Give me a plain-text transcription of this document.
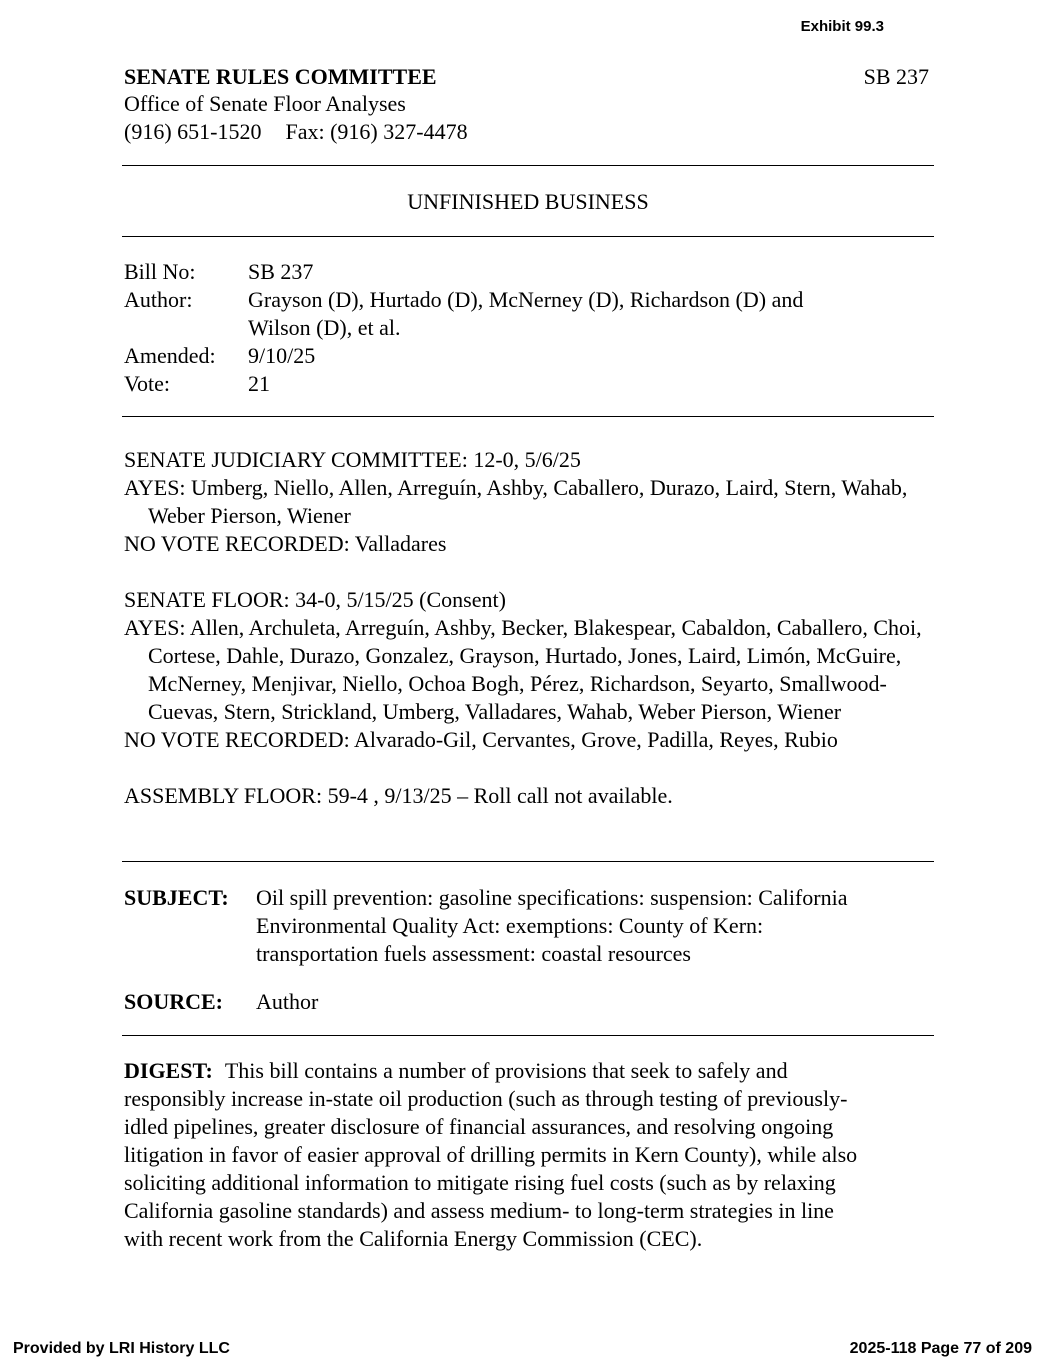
Exhibit 99.3
SENATE RULES COMMITTEE	SB 237
Office of Senate Floor Analyses
(916) 651-1520 Fax: (916) 327-4478
UNFINISHED BUSINESS
Bill No:	SB 237
Author:	Grayson (D), Hurtado (D), McNerney (D), Richardson (D) and
Wilson (D), et al.
Amended:	9/10/25
Vote:	21
SENATE JUDICIARY COMMITTEE: 12-0, 5/6/25
AYES: Umberg, Niello, Allen, Arreguín, Ashby, Caballero, Durazo, Laird, Stern, Wahab, Weber Pierson, Wiener
NO VOTE RECORDED: Valladares
SENATE FLOOR: 34-0, 5/15/25 (Consent)
AYES: Allen, Archuleta, Arreguín, Ashby, Becker, Blakespear, Cabaldon, Caballero, Choi, Cortese, Dahle, Durazo, Gonzalez, Grayson, Hurtado, Jones, Laird, Limón, McGuire, McNerney, Menjivar, Niello, Ochoa Bogh, Pérez, Richardson, Seyarto, Smallwood-Cuevas, Stern, Strickland, Umberg, Valladares, Wahab, Weber Pierson, Wiener
NO VOTE RECORDED: Alvarado-Gil, Cervantes, Grove, Padilla, Reyes, Rubio
ASSEMBLY FLOOR: 59-4 , 9/13/25 – Roll call not available.
SUBJECT:	Oil spill prevention: gasoline specifications: suspension: California
Environmental Quality Act: exemptions: County of Kern:
transportation fuels assessment: coastal resources
SOURCE:	Author
DIGEST: This bill contains a number of provisions that seek to safely and
responsibly increase in-state oil production (such as through testing of previously-
idled pipelines, greater disclosure of financial assurances, and resolving ongoing
litigation in favor of easier approval of drilling permits in Kern County), while also
soliciting additional information to mitigate rising fuel costs (such as by relaxing
California gasoline standards) and assess medium- to long-term strategies in line
with recent work from the California Energy Commission (CEC).
Provided by LRI History LLC	2025-118 Page 77 of 209
